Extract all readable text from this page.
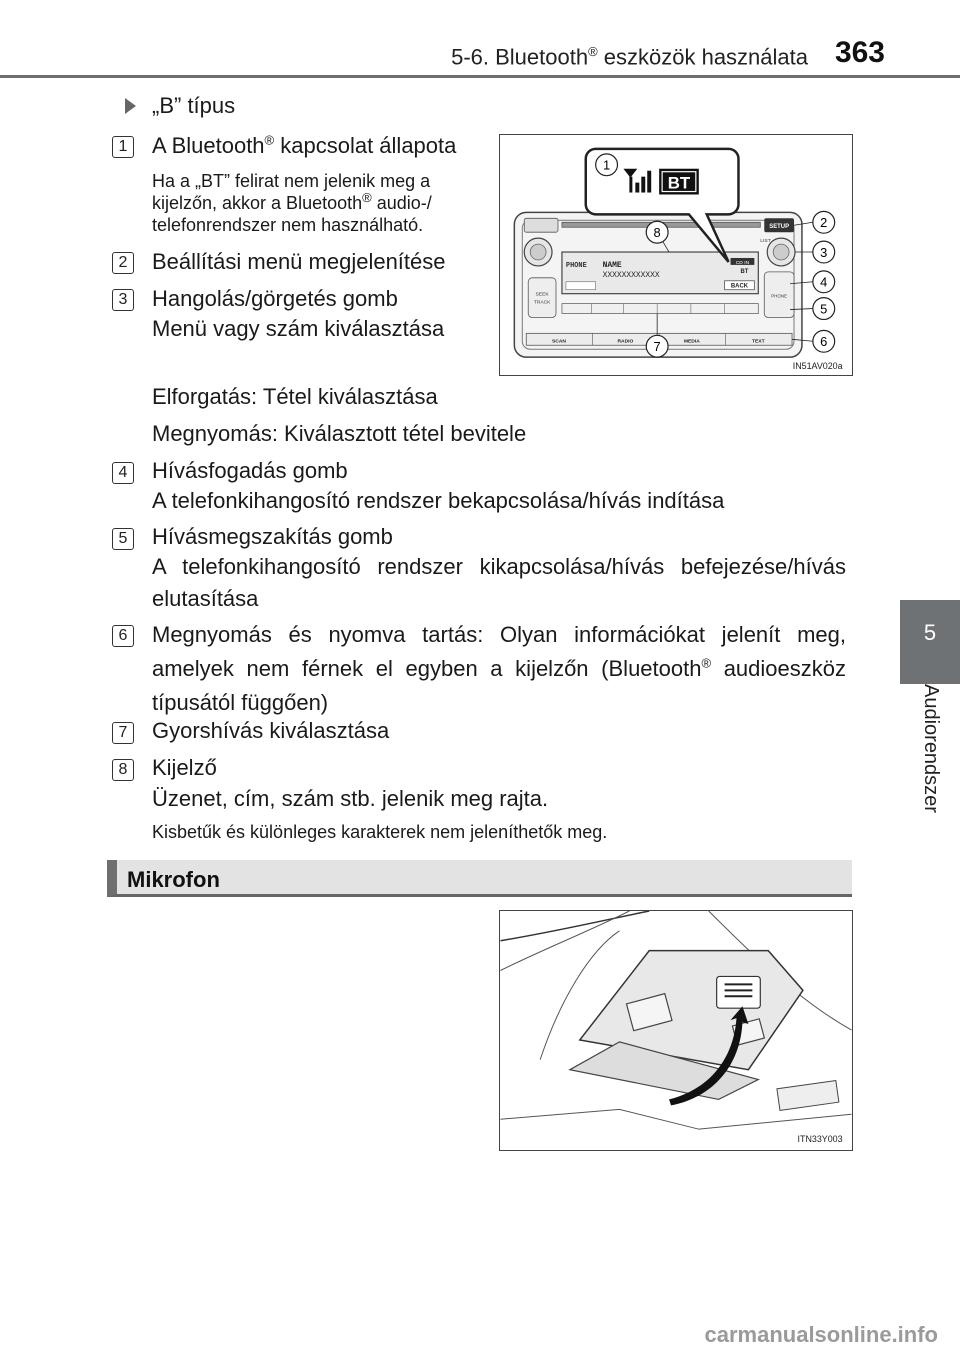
5-6. Bluetooth® eszközök használata 363
5
Audiorendszer
„B” típus
1 A Bluetooth® kapcsolat állapota
Ha a „BT” felirat nem jelenik meg a
kijelzőn, akkor a Bluetooth® audio-/
telefonrendszer nem használható.
2 Beállítási menü megjelenítése
3 Hangolás/görgetés gomb
Menü vagy szám kiválasztása
Elforgatás: Tétel kiválasztása
Megnyomás: Kiválasztott tétel bevitele
4 Hívásfogadás gomb
A telefonkihangosító rendszer bekapcsolása/hívás indítása
5 Hívásmegszakítás gomb
A telefonkihangosító rendszer kikapcsolása/hívás befejezése/hívás elutasítása
6 Megnyomás és nyomva tartás: Olyan információkat jelenít meg, amelyek nem férnek el egyben a kijelzőn (Bluetooth® audioeszköz típusától függően)
7 Gyorshívás kiválasztása
8 Kijelző
Üzenet, cím, szám stb. jelenik meg rajta.
Kisbetűk és különleges karakterek nem jeleníthetők meg.
SETUP
LIST
PHONE NAME
XXXXXXXXXXXX
CD IN
BT
BACK
SEEK
TRACK
PHONE
SCAN	RADIO	MEDIA	TEXT
BT
1
2
3
4
5
6
7
8
IN51AV020a
Mikrofon
ITN33Y003
carmanualsonline.info
